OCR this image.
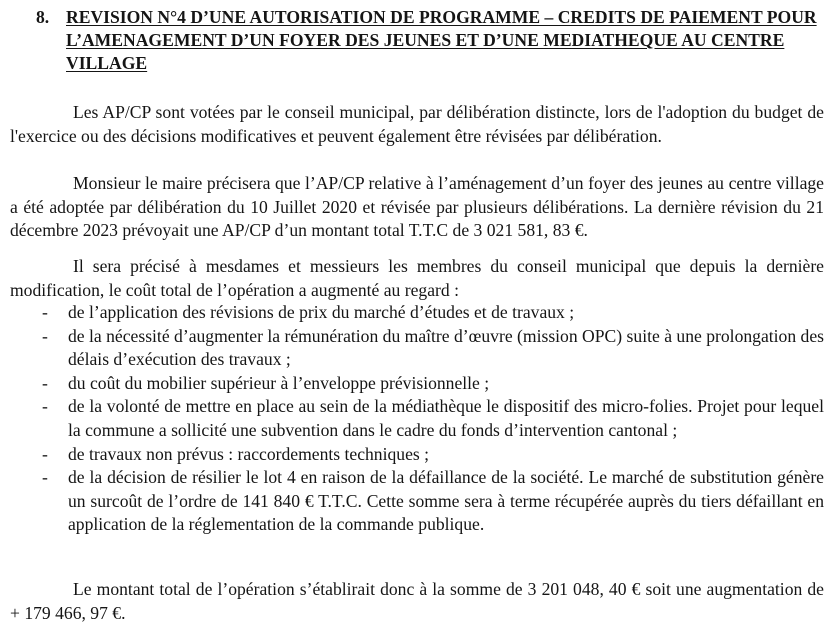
8. REVISION N°4 D’UNE AUTORISATION DE PROGRAMME – CREDITS DE PAIEMENT POUR L’AMENAGEMENT D’UN FOYER DES JEUNES ET D’UNE MEDIATHEQUE AU CENTRE VILLAGE

Les AP/CP sont votées par le conseil municipal, par délibération distincte, lors de l'adoption du budget de l'exercice ou des décisions modificatives et peuvent également être révisées par délibération.

Monsieur le maire précisera que l’AP/CP relative à l’aménagement d’un foyer des jeunes au centre village a été adoptée par délibération du 10 Juillet 2020 et révisée par plusieurs délibérations. La dernière révision du 21 décembre 2023 prévoyait une AP/CP d’un montant total T.T.C de 3 021 581, 83 €.

Il sera précisé à mesdames et messieurs les membres du conseil municipal que depuis la dernière modification, le coût total de l’opération a augmenté au regard :

- de l’application des révisions de prix du marché d’études et de travaux ;
- de la nécessité d’augmenter la rémunération du maître d’œuvre (mission OPC) suite à une prolongation des délais d’exécution des travaux ;
- du coût du mobilier supérieur à l’enveloppe prévisionnelle ;
- de la volonté de mettre en place au sein de la médiathèque le dispositif des micro-folies. Projet pour lequel la commune a sollicité une subvention dans le cadre du fonds d’intervention cantonal ;
- de travaux non prévus : raccordements techniques ;
- de la décision de résilier le lot 4 en raison de la défaillance de la société. Le marché de substitution génère un surcoût de l’ordre de 141 840 € T.T.C. Cette somme sera à terme récupérée auprès du tiers défaillant en application de la réglementation de la commande publique.

Le montant total de l’opération s’établirait donc à la somme de 3 201 048, 40 € soit une augmentation de + 179 466, 97 €.
